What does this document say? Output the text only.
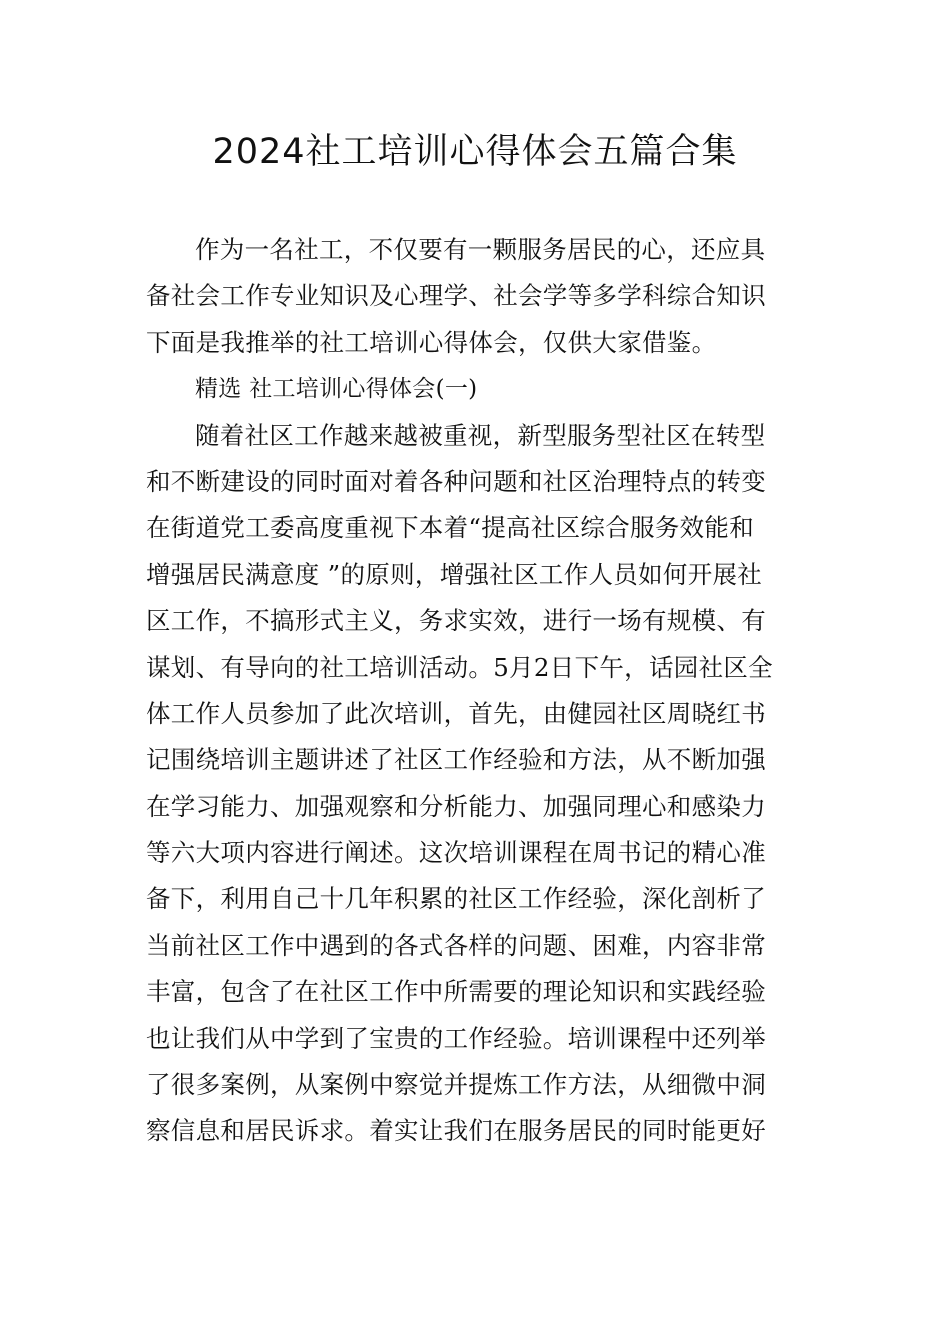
2024社工培训心得体会五篇合集
作为一名社工，不仅要有一颗服务居民的心，还应具
备社会工作专业知识及心理学、社会学等多学科综合知识
下面是我推举的社工培训心得体会，仅供大家借鉴。
精选 社工培训心得体会(一)
随着社区工作越来越被重视，新型服务型社区在转型
和不断建设的同时面对着各种问题和社区治理特点的转变
在街道党工委高度重视下本着“提高社区综合服务效能和
增强居民满意度 ”的原则，增强社区工作人员如何开展社
区工作，不搞形式主义，务求实效，进行一场有规模、有
谋划、有导向的社工培训活动。5月2日下午，话园社区全
体工作人员参加了此次培训，首先，由健园社区周晓红书
记围绕培训主题讲述了社区工作经验和方法，从不断加强
在学习能力、加强观察和分析能力、加强同理心和感染力
等六大项内容进行阐述。这次培训课程在周书记的精心准
备下，利用自己十几年积累的社区工作经验，深化剖析了
当前社区工作中遇到的各式各样的问题、困难，内容非常
丰富，包含了在社区工作中所需要的理论知识和实践经验
也让我们从中学到了宝贵的工作经验。培训课程中还列举
了很多案例，从案例中察觉并提炼工作方法，从细微中洞
察信息和居民诉求。着实让我们在服务居民的同时能更好
